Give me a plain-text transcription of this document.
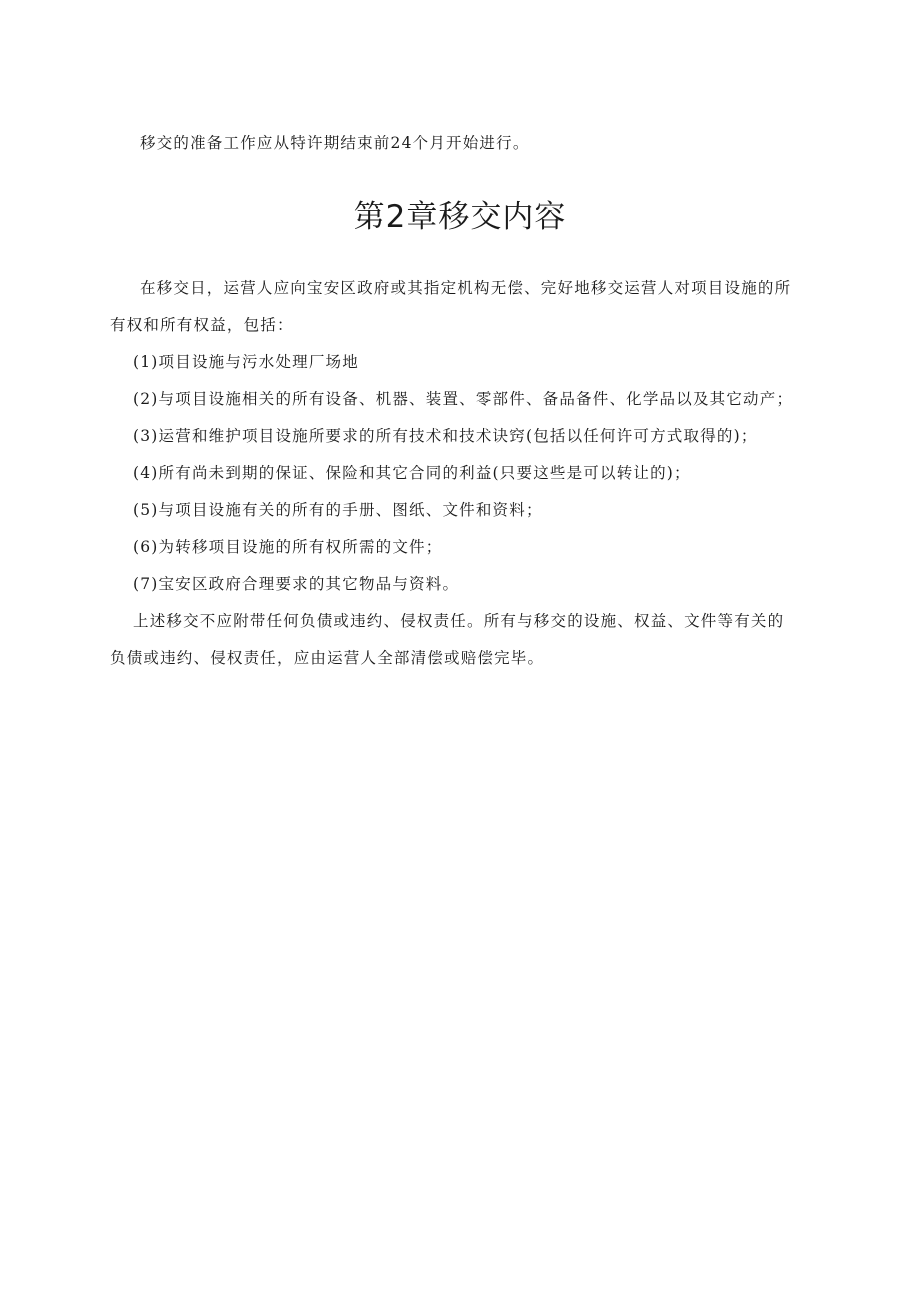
移交的准备工作应从特许期结束前24个月开始进行。
第2章移交内容
在移交日，运营人应向宝安区政府或其指定机构无偿、完好地移交运营人对项目设施的所
有权和所有权益，包括：
(1)项目设施与污水处理厂场地
(2)与项目设施相关的所有设备、机器、装置、零部件、备品备件、化学品以及其它动产；
(3)运营和维护项目设施所要求的所有技术和技术诀窍(包括以任何许可方式取得的)；
(4)所有尚未到期的保证、保险和其它合同的利益(只要这些是可以转让的)；
(5)与项目设施有关的所有的手册、图纸、文件和资料；
(6)为转移项目设施的所有权所需的文件；
(7)宝安区政府合理要求的其它物品与资料。
上述移交不应附带任何负债或违约、侵权责任。所有与移交的设施、权益、文件等有关的
负债或违约、侵权责任，应由运营人全部清偿或赔偿完毕。
